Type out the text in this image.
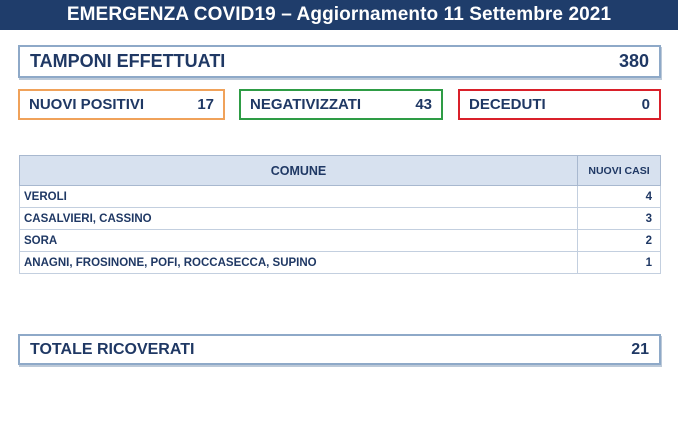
EMERGENZA COVID19 – Aggiornamento 11 Settembre 2021
TAMPONI EFFETTUATI	380
NUOVI POSITIVI	17 NEGATIVIZZATI	43 DECEDUTI	0
COMUNE	NUOVI CASI
VEROLI	4
CASALVIERI, CASSINO	3
SORA	2
ANAGNI, FROSINONE, POFI, ROCCASECCA, SUPINO	1
TOTALE RICOVERATI	21
